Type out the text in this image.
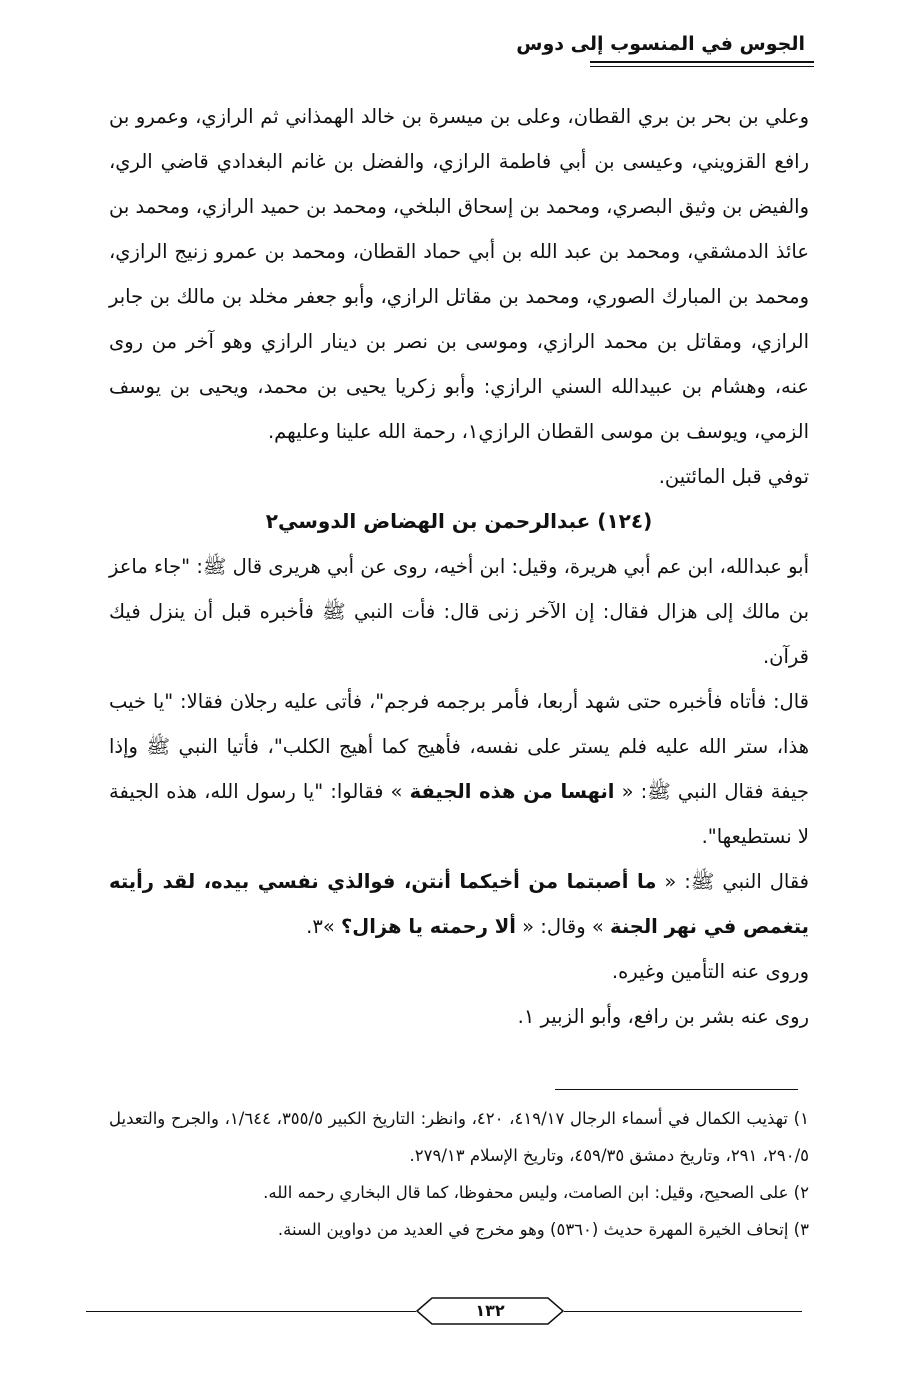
الجوس في المنسوب إلى دوس

وعلي بن بحر بن بري القطان، وعلى بن ميسرة بن خالد الهمذاني ثم الرازي، وعمرو بن رافع القزويني، وعيسى بن أبي فاطمة الرازي، والفضل بن غانم البغدادي قاضي الري، والفيض بن وثيق البصري، ومحمد بن إسحاق البلخي، ومحمد بن حميد الرازي، ومحمد بن عائذ الدمشقي، ومحمد بن عبد الله بن أبي حماد القطان، ومحمد بن عمرو زنيج الرازي، ومحمد بن المبارك الصوري، ومحمد بن مقاتل الرازي، وأبو جعفر مخلد بن مالك بن جابر الرازي، ومقاتل بن محمد الرازي، وموسى بن نصر بن دينار الرازي وهو آخر من روى عنه، وهشام بن عبيدالله السني الرازي: وأبو زكريا يحيى بن محمد، ويحيى بن يوسف الزمي، ويوسف بن موسى القطان الرازي١، رحمة الله علينا وعليهم.

توفي قبل المائتين.

(١٢٤) عبدالرحمن بن الهضاض الدوسي٢

أبو عبدالله، ابن عم أبي هريرة، وقيل: ابن أخيه، روى عن أبي هريرى قال ﷺ: "جاء ماعز بن مالك إلى هزال فقال: إن الآخر زنى قال: فأت النبي ﷺ فأخبره قبل أن ينزل فيك قرآن.

قال: فأتاه فأخبره حتى شهد أربعا، فأمر برجمه فرجم"، فأتى عليه رجلان فقالا: "يا خيب هذا، ستر الله عليه فلم يستر على نفسه، فأهيج كما أهيج الكلب"، فأتيا النبي ﷺ وإذا جيفة فقال النبي ﷺ: « انهسا من هذه الجيفة » فقالوا: "يا رسول الله، هذه الجيفة لا نستطيعها".

فقال النبي ﷺ: « ما أصبتما من أخيكما أنتن، فوالذي نفسي بيده، لقد رأيته يتغمص في نهر الجنة » وقال: « ألا رحمته يا هزال؟ »٣.

وروى عنه التأمين وغيره.

روى عنه بشر بن رافع، وأبو الزبير ١.

١) تهذيب الكمال في أسماء الرجال ٤١٩/١٧، ٤٢٠، وانظر: التاريخ الكبير ٣٥٥/٥، ١/٦٤٤، والجرح والتعديل ٢٩٠/٥، ٢٩١، وتاريخ دمشق ٤٥٩/٣٥، وتاريخ الإسلام ٢٧٩/١٣.

٢) على الصحيح، وقيل: ابن الصامت، وليس محفوظا، كما قال البخاري رحمه الله.

٣) إتحاف الخيرة المهرة حديث (٥٣٦٠) وهو مخرج في العديد من دواوين السنة.

١٣٢
